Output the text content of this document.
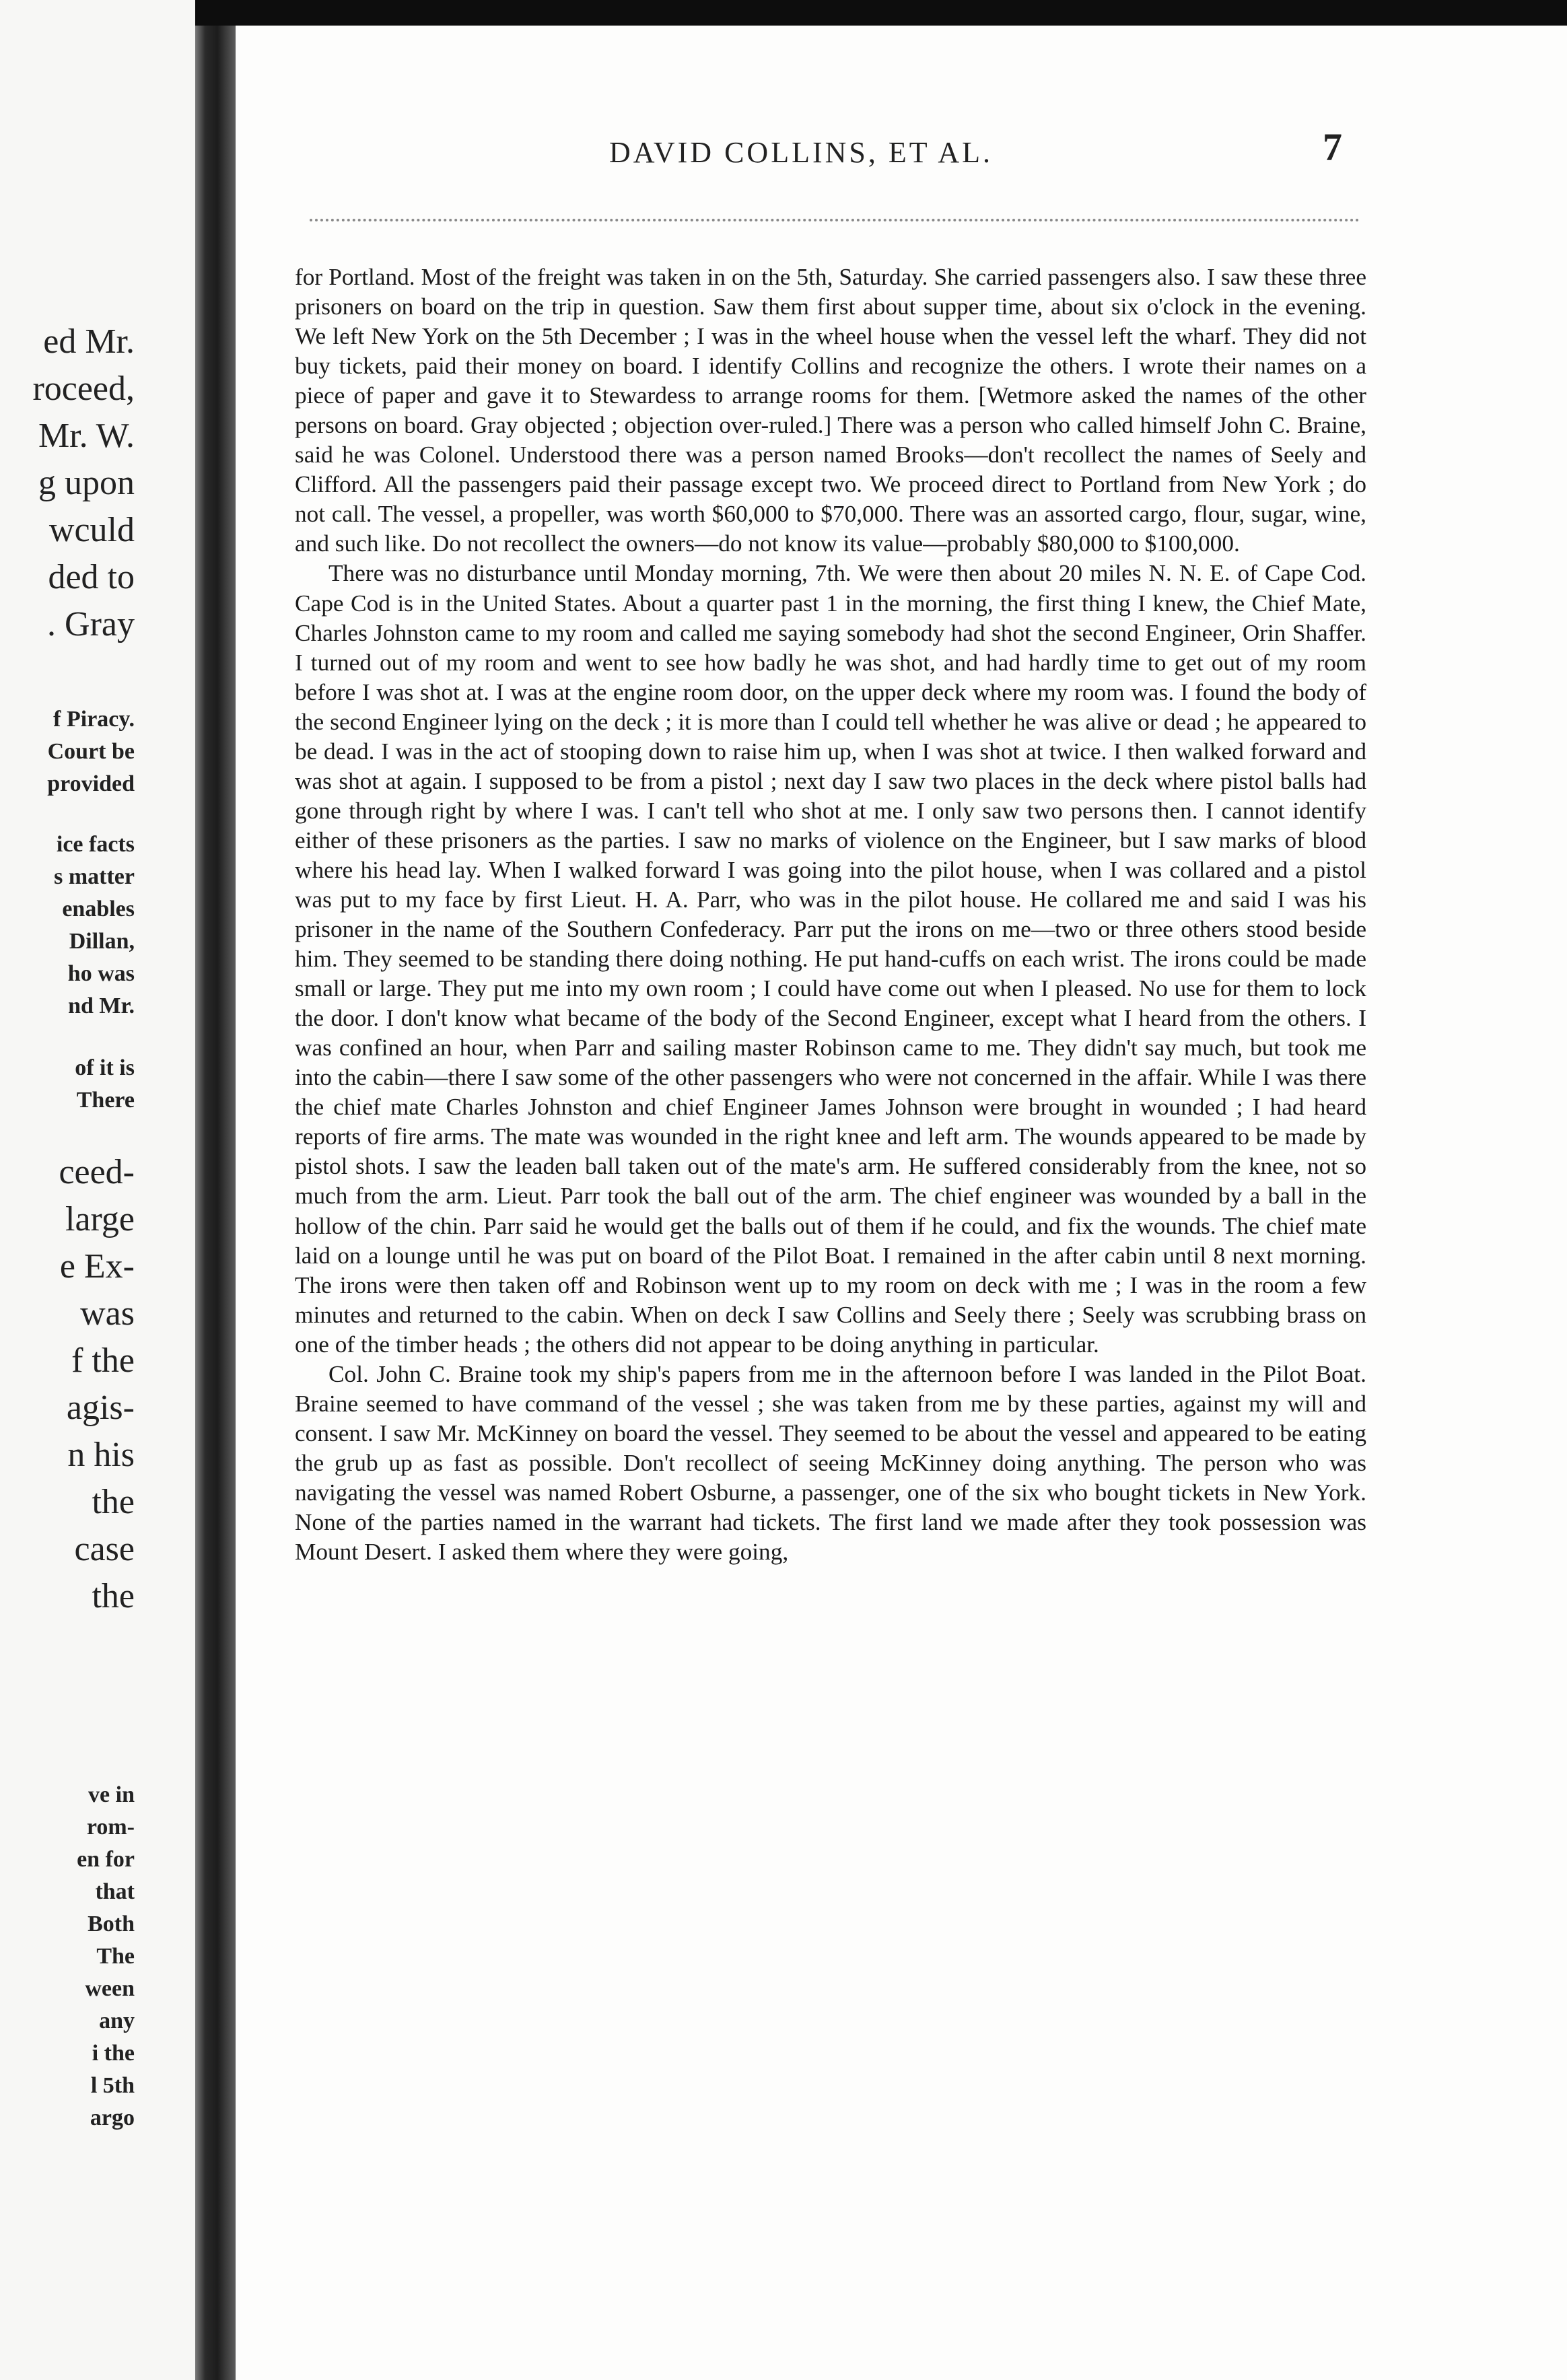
ed Mr.
roceed,
Mr. W.
g upon
wculd
ded to
. Gray
f Piracy.
Court be
provided
ice facts
s matter
enables
Dillan,
ho was
nd Mr.
of it is
There
ceed-
large
e Ex-
was
f the
agis-
n his
the
case
the
ve in
rom-
en for
that
Both
The
ween
any
i the
l 5th
argo
DAVID COLLINS, ET AL.	7

for Portland. Most of the freight was taken in on the 5th, Saturday. She carried passengers also. I saw these three prisoners on board on the trip in question. Saw them first about supper time, about six o'clock in the evening. We left New York on the 5th December ; I was in the wheel house when the vessel left the wharf. They did not buy tickets, paid their money on board. I identify Collins and recognize the others. I wrote their names on a piece of paper and gave it to Stewardess to arrange rooms for them. [Wetmore asked the names of the other persons on board. Gray objected ; objection over-ruled.] There was a person who called himself John C. Braine, said he was Colonel. Understood there was a person named Brooks—don't recollect the names of Seely and Clifford. All the passengers paid their passage except two. We proceed direct to Portland from New York ; do not call. The vessel, a propeller, was worth $60,000 to $70,000. There was an assorted cargo, flour, sugar, wine, and such like. Do not recollect the owners—do not know its value—probably $80,000 to $100,000.

There was no disturbance until Monday morning, 7th. We were then about 20 miles N. N. E. of Cape Cod. Cape Cod is in the United States. About a quarter past 1 in the morning, the first thing I knew, the Chief Mate, Charles Johnston came to my room and called me saying somebody had shot the second Engineer, Orin Shaffer. I turned out of my room and went to see how badly he was shot, and had hardly time to get out of my room before I was shot at. I was at the engine room door, on the upper deck where my room was. I found the body of the second Engineer lying on the deck ; it is more than I could tell whether he was alive or dead ; he appeared to be dead. I was in the act of stooping down to raise him up, when I was shot at twice. I then walked forward and was shot at again. I supposed to be from a pistol ; next day I saw two places in the deck where pistol balls had gone through right by where I was. I can't tell who shot at me. I only saw two persons then. I cannot identify either of these prisoners as the parties. I saw no marks of violence on the Engineer, but I saw marks of blood where his head lay. When I walked forward I was going into the pilot house, when I was collared and a pistol was put to my face by first Lieut. H. A. Parr, who was in the pilot house. He collared me and said I was his prisoner in the name of the Southern Confederacy. Parr put the irons on me—two or three others stood beside him. They seemed to be standing there doing nothing. He put hand-cuffs on each wrist. The irons could be made small or large. They put me into my own room ; I could have come out when I pleased. No use for them to lock the door. I don't know what became of the body of the Second Engineer, except what I heard from the others. I was confined an hour, when Parr and sailing master Robinson came to me. They didn't say much, but took me into the cabin—there I saw some of the other passengers who were not concerned in the affair. While I was there the chief mate Charles Johnston and chief Engineer James Johnson were brought in wounded ; I had heard reports of fire arms. The mate was wounded in the right knee and left arm. The wounds appeared to be made by pistol shots. I saw the leaden ball taken out of the mate's arm. He suffered considerably from the knee, not so much from the arm. Lieut. Parr took the ball out of the arm. The chief engineer was wounded by a ball in the hollow of the chin. Parr said he would get the balls out of them if he could, and fix the wounds. The chief mate laid on a lounge until he was put on board of the Pilot Boat. I remained in the after cabin until 8 next morning. The irons were then taken off and Robinson went up to my room on deck with me ; I was in the room a few minutes and returned to the cabin. When on deck I saw Collins and Seely there ; Seely was scrubbing brass on one of the timber heads ; the others did not appear to be doing anything in particular.

Col. John C. Braine took my ship's papers from me in the afternoon before I was landed in the Pilot Boat. Braine seemed to have command of the vessel ; she was taken from me by these parties, against my will and consent. I saw Mr. McKinney on board the vessel. They seemed to be about the vessel and appeared to be eating the grub up as fast as possible. Don't recollect of seeing McKinney doing anything. The person who was navigating the vessel was named Robert Osburne, a passenger, one of the six who bought tickets in New York. None of the parties named in the warrant had tickets. The first land we made after they took possession was Mount Desert. I asked them where they were going,
